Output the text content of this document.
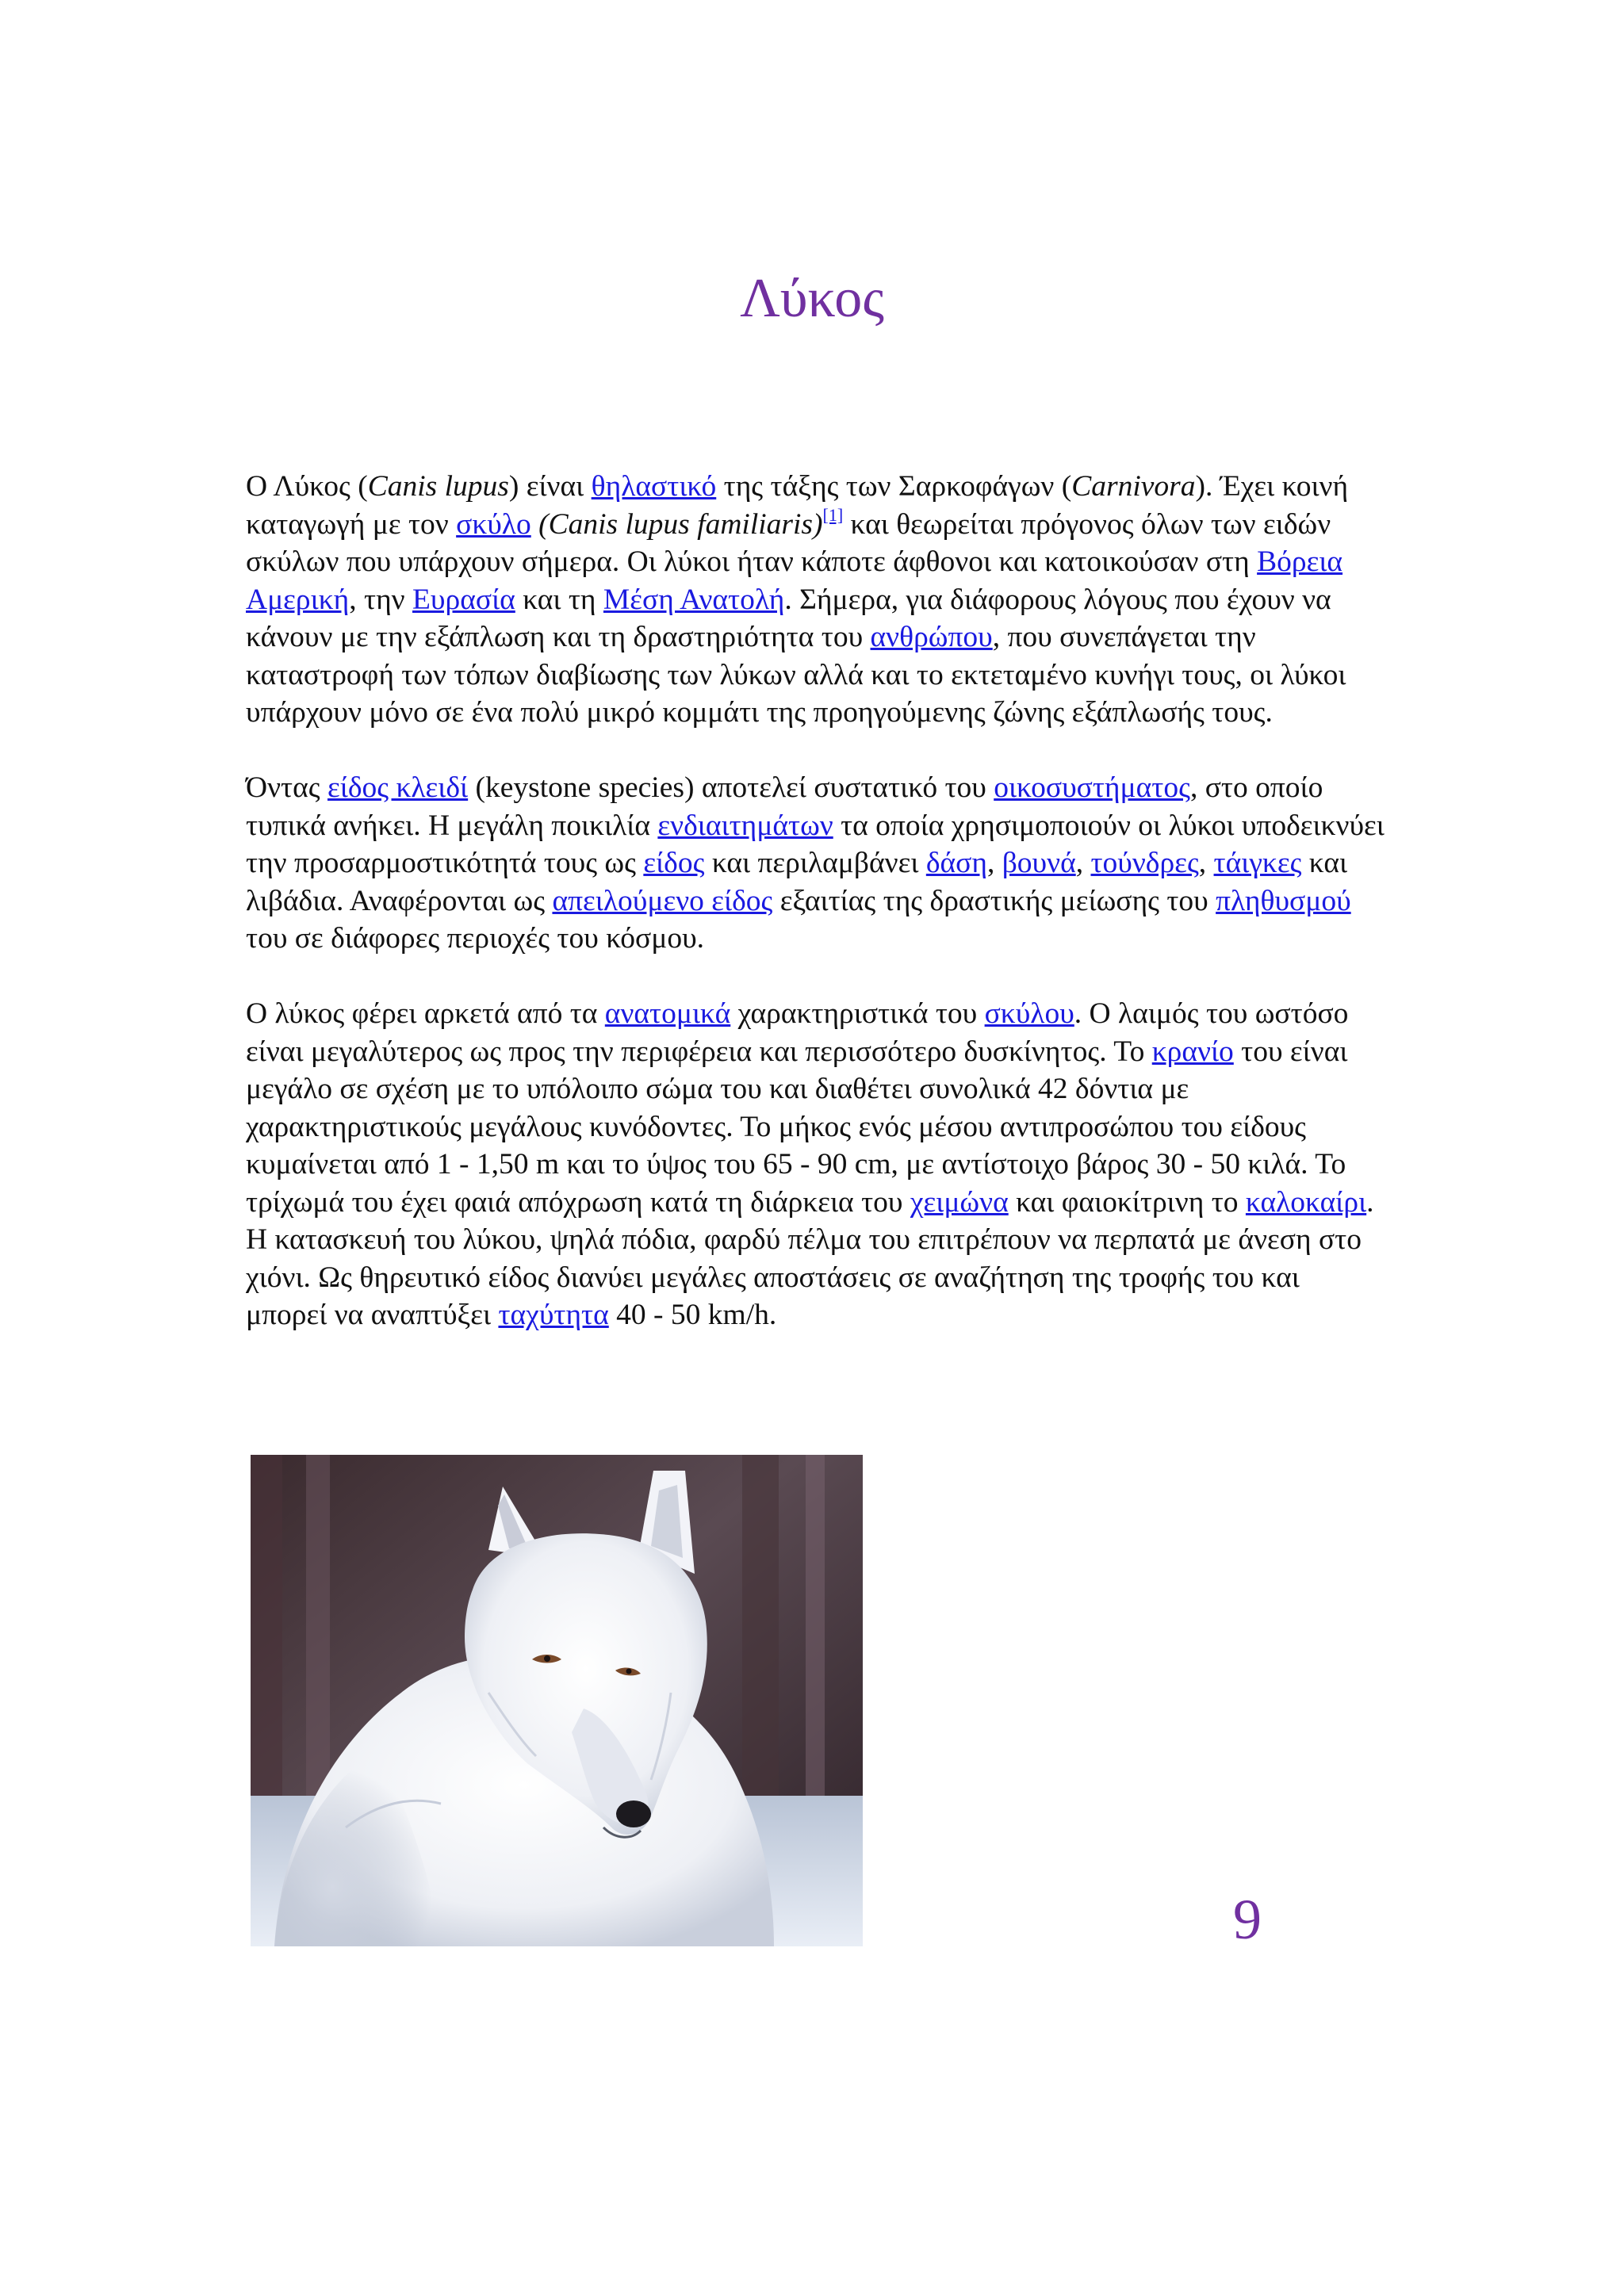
Λύκος

Ο Λύκος (Canis lupus) είναι θηλαστικό της τάξης των Σαρκοφάγων (Carnivora). Έχει κοινή καταγωγή με τον σκύλο (Canis lupus familiaris)[1] και θεωρείται πρόγονος όλων των ειδών σκύλων που υπάρχουν σήμερα. Οι λύκοι ήταν κάποτε άφθονοι και κατοικούσαν στη Βόρεια Αμερική, την Ευρασία και τη Μέση Ανατολή. Σήμερα, για διάφορους λόγους που έχουν να κάνουν με την εξάπλωση και τη δραστηριότητα του ανθρώπου, που συνεπάγεται την καταστροφή των τόπων διαβίωσης των λύκων αλλά και το εκτεταμένο κυνήγι τους, οι λύκοι υπάρχουν μόνο σε ένα πολύ μικρό κομμάτι της προηγούμενης ζώνης εξάπλωσής τους.

Όντας είδος κλειδί (keystone species) αποτελεί συστατικό του οικοσυστήματος, στο οποίο τυπικά ανήκει. Η μεγάλη ποικιλία ενδιαιτημάτων τα οποία χρησιμοποιούν οι λύκοι υποδεικνύει την προσαρμοστικότητά τους ως είδος και περιλαμβάνει δάση, βουνά, τούνδρες, τάιγκες και λιβάδια. Αναφέρονται ως απειλούμενο είδος εξαιτίας της δραστικής μείωσης του πληθυσμού του σε διάφορες περιοχές του κόσμου.

Ο λύκος φέρει αρκετά από τα ανατομικά χαρακτηριστικά του σκύλου. Ο λαιμός του ωστόσο είναι μεγαλύτερος ως προς την περιφέρεια και περισσότερο δυσκίνητος. Το κρανίο του είναι μεγάλο σε σχέση με το υπόλοιπο σώμα του και διαθέτει συνολικά 42 δόντια με χαρακτηριστικούς μεγάλους κυνόδοντες. Το μήκος ενός μέσου αντιπροσώπου του είδους κυμαίνεται από 1 - 1,50 m και το ύψος του 65 - 90 cm, με αντίστοιχο βάρος 30 - 50 κιλά. Το τρίχωμά του έχει φαιά απόχρωση κατά τη διάρκεια του χειμώνα και φαιοκίτρινη το καλοκαίρι. Η κατασκευή του λύκου, ψηλά πόδια, φαρδύ πέλμα του επιτρέπουν να περπατά με άνεση στο χιόνι. Ως θηρευτικό είδος διανύει μεγάλες αποστάσεις σε αναζήτηση της τροφής του και μπορεί να αναπτύξει ταχύτητα 40 - 50 km/h.

9
